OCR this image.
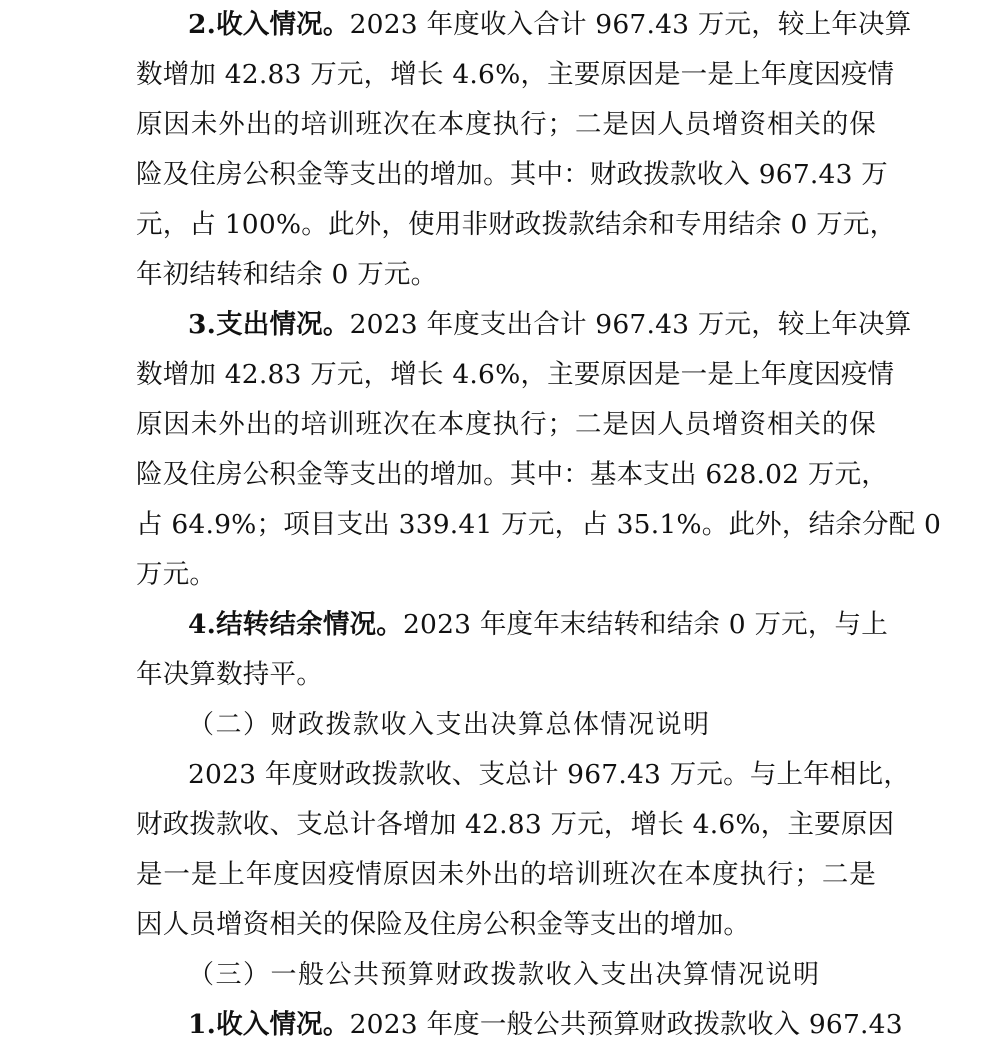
2.收入情况。2023 年度收入合计 967.43 万元，较上年决算
数增加 42.83 万元，增长 4.6%，主要原因是一是上年度因疫情
原因未外出的培训班次在本度执行；二是因人员增资相关的保
险及住房公积金等支出的增加。其中：财政拨款收入 967.43 万
元，占 100%。此外，使用非财政拨款结余和专用结余 0 万元，
年初结转和结余 0 万元。
3.支出情况。2023 年度支出合计 967.43 万元，较上年决算
数增加 42.83 万元，增长 4.6%，主要原因是一是上年度因疫情
原因未外出的培训班次在本度执行；二是因人员增资相关的保
险及住房公积金等支出的增加。其中：基本支出 628.02 万元，
占 64.9%；项目支出 339.41 万元，占 35.1%。此外，结余分配 0
万元。
4.结转结余情况。2023 年度年末结转和结余 0 万元，与上
年决算数持平。
（二）财政拨款收入支出决算总体情况说明
2023 年度财政拨款收、支总计 967.43 万元。与上年相比，
财政拨款收、支总计各增加 42.83 万元，增长 4.6%，主要原因
是一是上年度因疫情原因未外出的培训班次在本度执行；二是
因人员增资相关的保险及住房公积金等支出的增加。
（三）一般公共预算财政拨款收入支出决算情况说明
1.收入情况。2023 年度一般公共预算财政拨款收入 967.43
